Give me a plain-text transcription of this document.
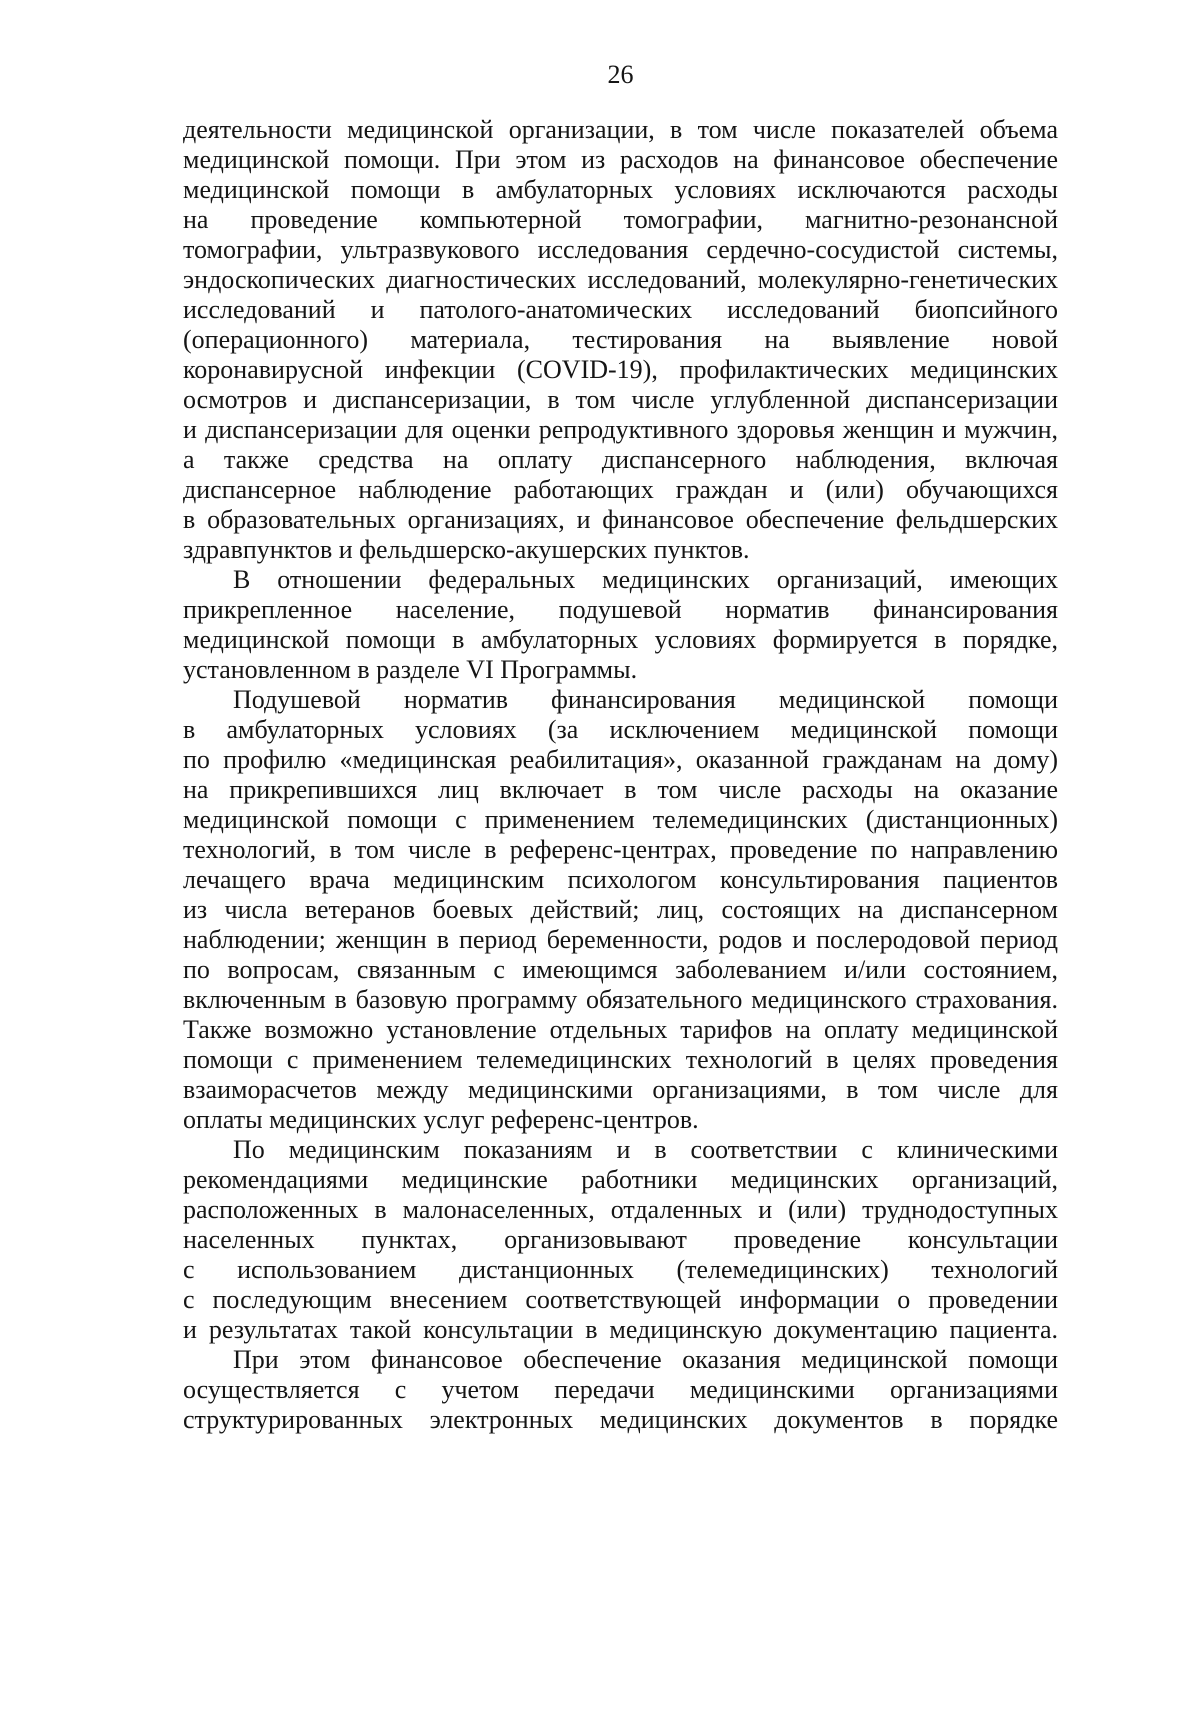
26
деятельности медицинской организации, в том числе показателей объема
медицинской помощи. При этом из расходов на финансовое обеспечение
медицинской помощи в амбулаторных условиях исключаются расходы
на проведение компьютерной томографии, магнитно-резонансной
томографии, ультразвукового исследования сердечно-сосудистой системы,
эндоскопических диагностических исследований, молекулярно-генетических
исследований и патолого-анатомических исследований биопсийного
(операционного) материала, тестирования на выявление новой
коронавирусной инфекции (COVID-19), профилактических медицинских
осмотров и диспансеризации, в том числе углубленной диспансеризации
и диспансеризации для оценки репродуктивного здоровья женщин и мужчин,
а также средства на оплату диспансерного наблюдения, включая
диспансерное наблюдение работающих граждан и (или) обучающихся
в образовательных организациях, и финансовое обеспечение фельдшерских
здравпунктов и фельдшерско-акушерских пунктов.
В отношении федеральных медицинских организаций, имеющих
прикрепленное население, подушевой норматив финансирования
медицинской помощи в амбулаторных условиях формируется в порядке,
установленном в разделе VI Программы.
Подушевой норматив финансирования медицинской помощи
в амбулаторных условиях (за исключением медицинской помощи
по профилю «медицинская реабилитация», оказанной гражданам на дому)
на прикрепившихся лиц включает в том числе расходы на оказание
медицинской помощи с применением телемедицинских (дистанционных)
технологий, в том числе в референс-центрах, проведение по направлению
лечащего врача медицинским психологом консультирования пациентов
из числа ветеранов боевых действий; лиц, состоящих на диспансерном
наблюдении; женщин в период беременности, родов и послеродовой период
по вопросам, связанным с имеющимся заболеванием и/или состоянием,
включенным в базовую программу обязательного медицинского страхования.
Также возможно установление отдельных тарифов на оплату медицинской
помощи с применением телемедицинских технологий в целях проведения
взаиморасчетов между медицинскими организациями, в том числе для
оплаты медицинских услуг референс-центров.
По медицинским показаниям и в соответствии с клиническими
рекомендациями медицинские работники медицинских организаций,
расположенных в малонаселенных, отдаленных и (или) труднодоступных
населенных пунктах, организовывают проведение консультации
с использованием дистанционных (телемедицинских) технологий
с последующим внесением соответствующей информации о проведении
и результатах такой консультации в медицинскую документацию пациента.
При этом финансовое обеспечение оказания медицинской помощи
осуществляется с учетом передачи медицинскими организациями
структурированных электронных медицинских документов в порядке
